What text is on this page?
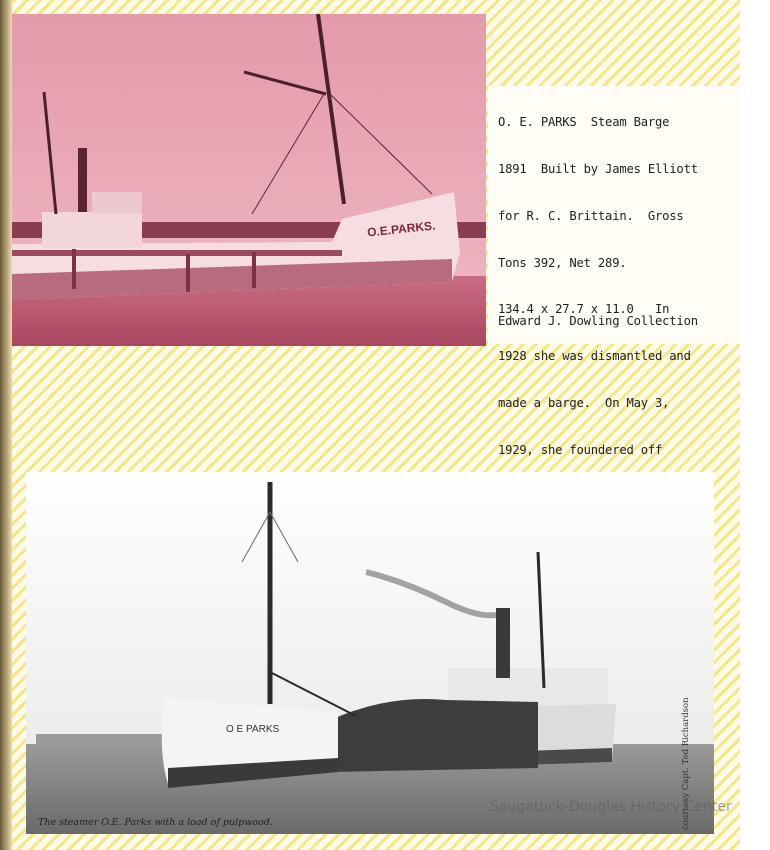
O.E.PARKS.

O. E. PARKS  Steam Barge

1891  Built by James Elliott

for R. C. Brittain.  Gross

Tons 392, Net 289.

134.4 x 27.7 x 11.0   In

1928 she was dismantled and

made a barge.  On May 3,

1929, she foundered off

Edward J. Dowling Collection
O E PARKS
The steamer O.E. Parks with a load of pulpwood.	courtesy Capt. Ted Richardson
Saugatuck-Douglas History Center
